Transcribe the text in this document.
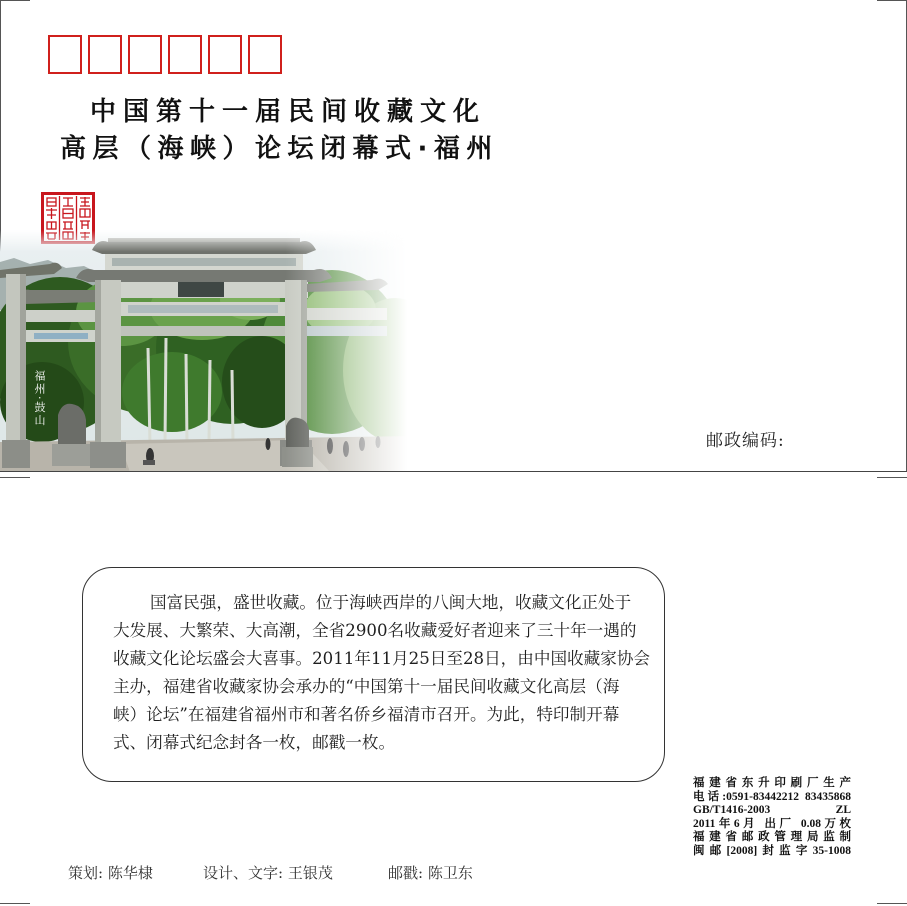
中国第十一届民间收藏文化
高层（海峡）论坛闭幕式·福州
福州·鼓山
邮政编码:
国富民强，盛世收藏。位于海峡西岸的八闽大地，收藏文化正处于
大发展、大繁荣、大高潮，全省2900名收藏爱好者迎来了三十年一遇的
收藏文化论坛盛会大喜事。2011年11月25日至28日，由中国收藏家协会
主办，福建省收藏家协会承办的“中国第十一届民间收藏文化高层（海
峡）论坛”在福建省福州市和著名侨乡福清市召开。为此，特印制开幕
式、闭幕式纪念封各一枚，邮戳一枚。
福建省东升印刷厂生产
电话:0591-83442212 83435868
GB/T1416-2003 ZL
2011年6月 出厂 0.08万枚
福建省邮政管理局监制
闽邮[2008]封监字35-1008
策划: 陈华棣	设计、文字: 王银茂	邮戳: 陈卫东
